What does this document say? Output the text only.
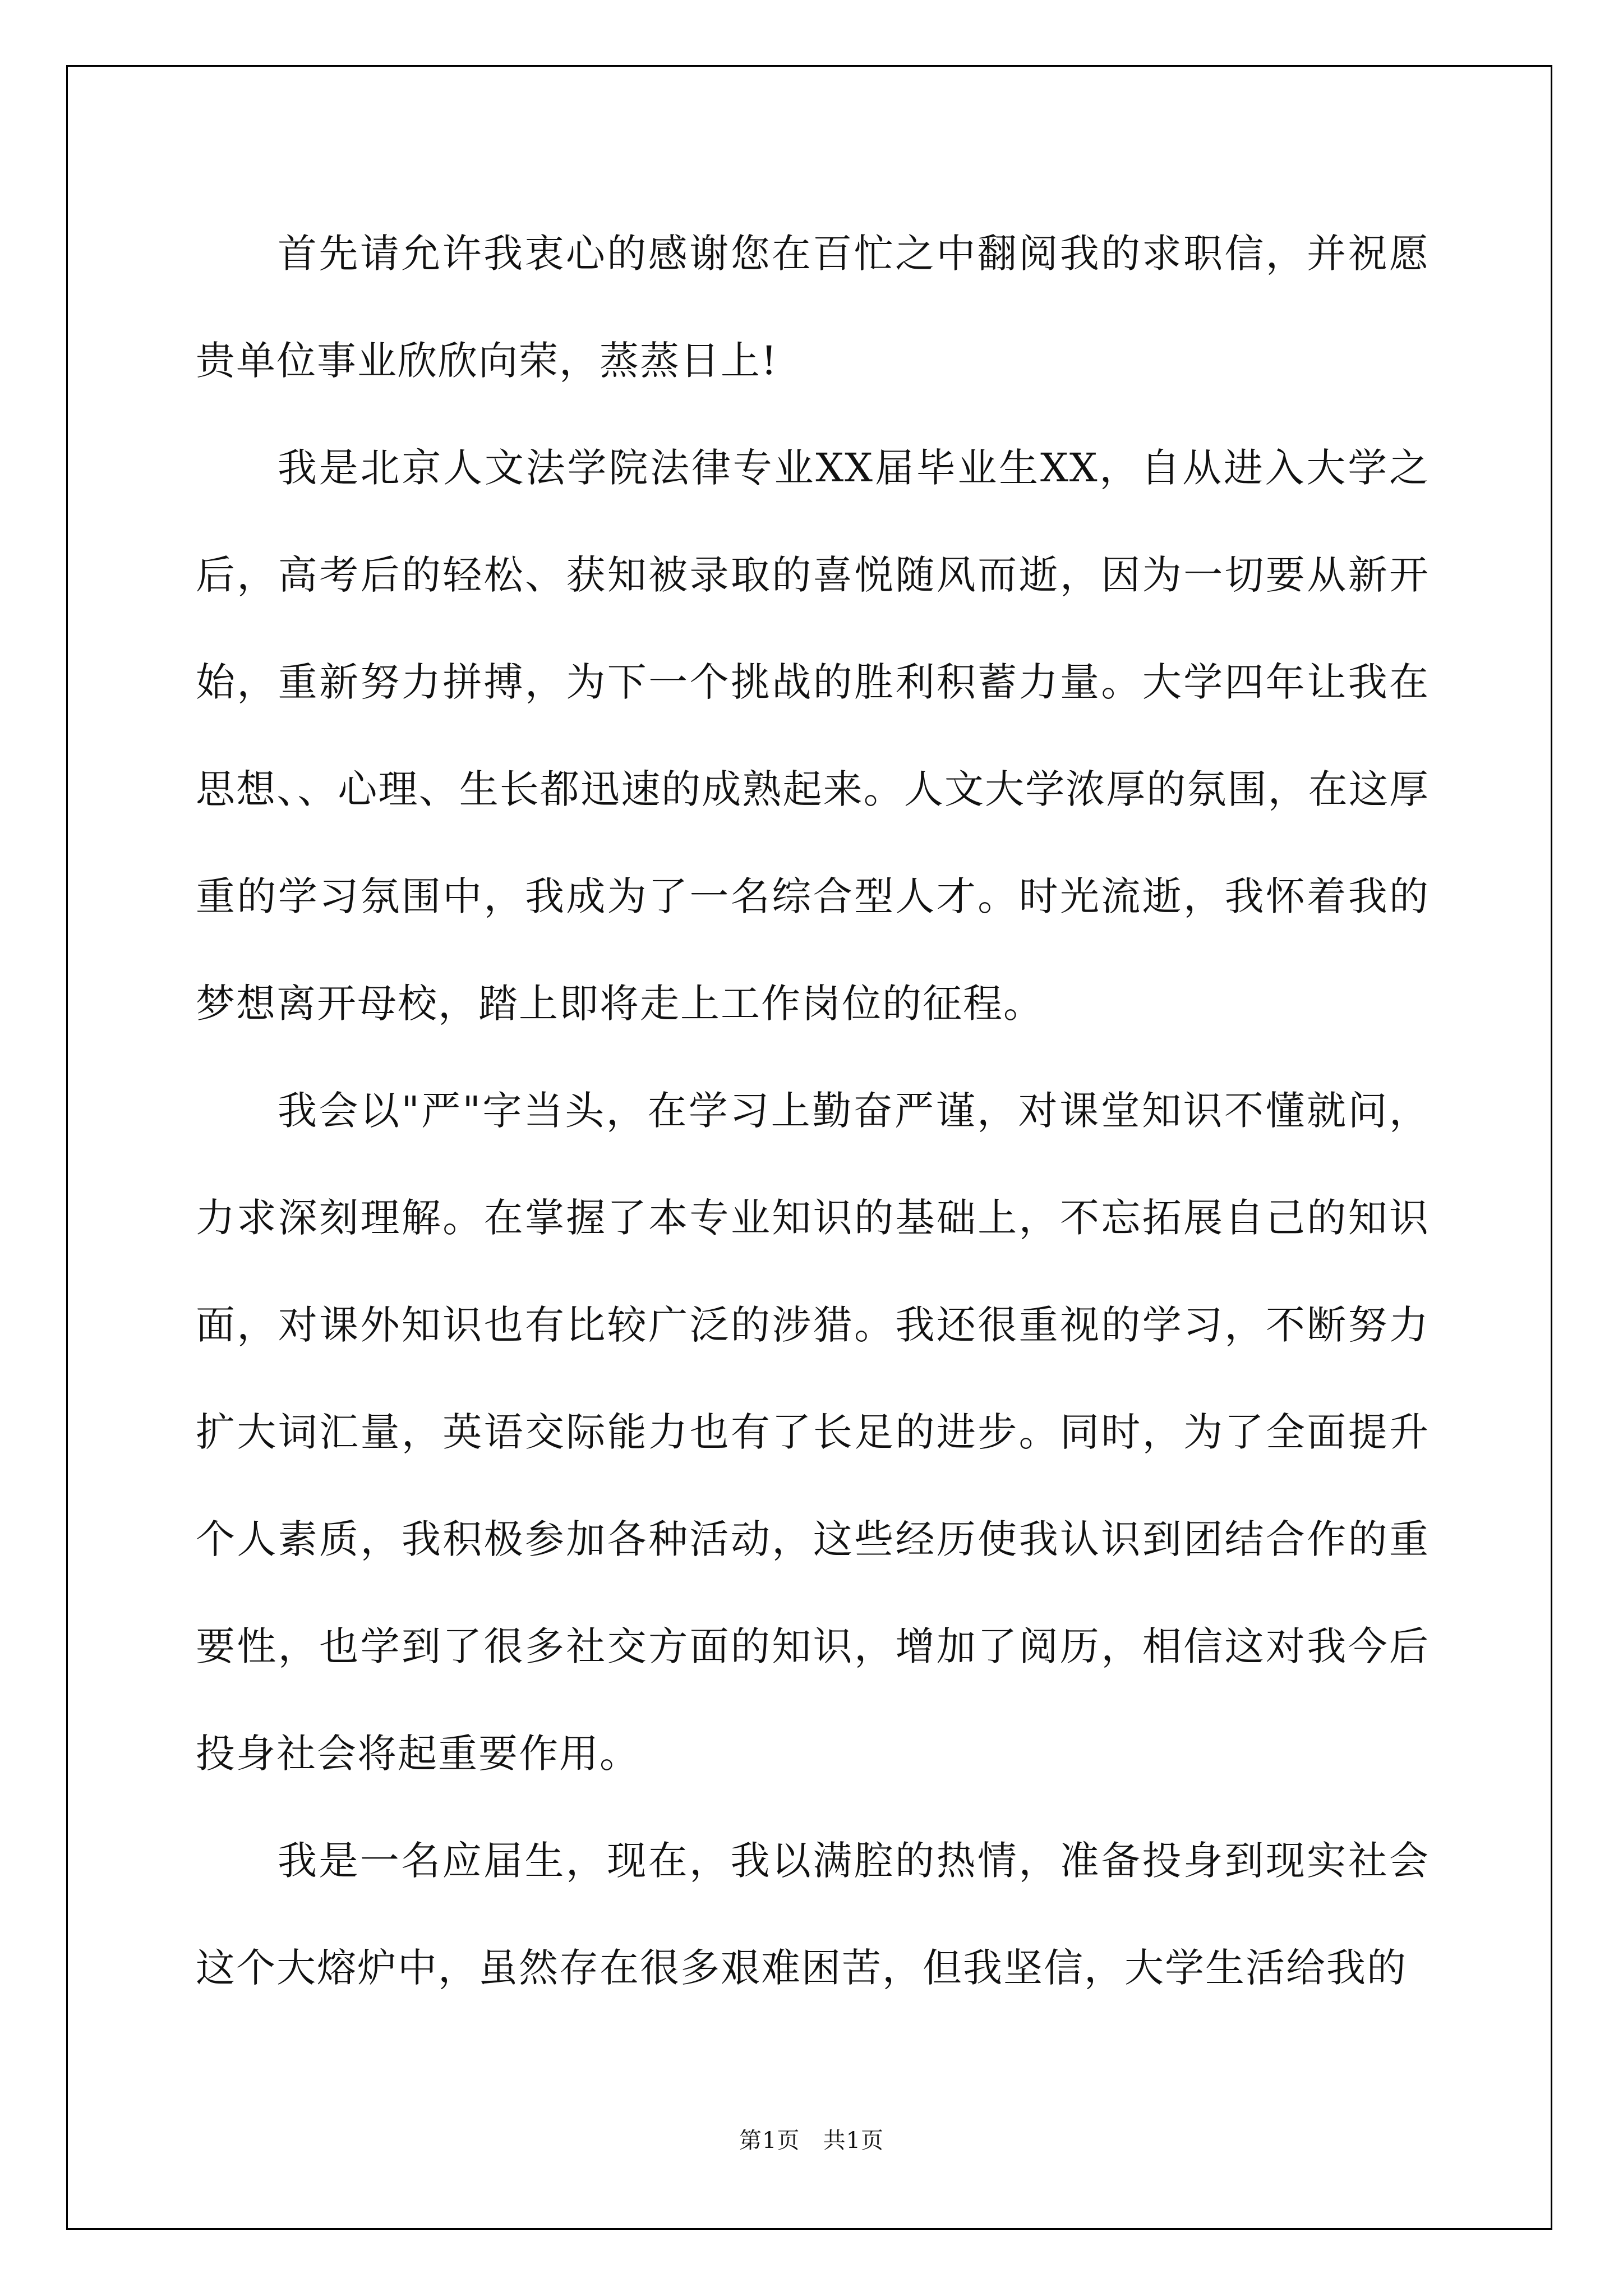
首先请允许我衷心的感谢您在百忙之中翻阅我的求职信，并祝愿贵单位事业欣欣向荣，蒸蒸日上!

我是北京人文法学院法律专业XX届毕业生XX，自从进入大学之后，高考后的轻松、获知被录取的喜悦随风而逝，因为一切要从新开始，重新努力拼搏，为下一个挑战的胜利积蓄力量。大学四年让我在思想、、心理、生长都迅速的成熟起来。人文大学浓厚的氛围，在这厚重的学习氛围中，我成为了一名综合型人才。时光流逝，我怀着我的梦想离开母校，踏上即将走上工作岗位的征程。

我会以"严"字当头，在学习上勤奋严谨，对课堂知识不懂就问，力求深刻理解。在掌握了本专业知识的基础上，不忘拓展自己的知识面，对课外知识也有比较广泛的涉猎。我还很重视的学习，不断努力扩大词汇量，英语交际能力也有了长足的进步。同时，为了全面提升个人素质，我积极参加各种活动，这些经历使我认识到团结合作的重要性，也学到了很多社交方面的知识，增加了阅历，相信这对我今后投身社会将起重要作用。

我是一名应届生，现在，我以满腔的热情，准备投身到现实社会这个大熔炉中，虽然存在很多艰难困苦，但我坚信，大学生活给我的

第1页 共1页
